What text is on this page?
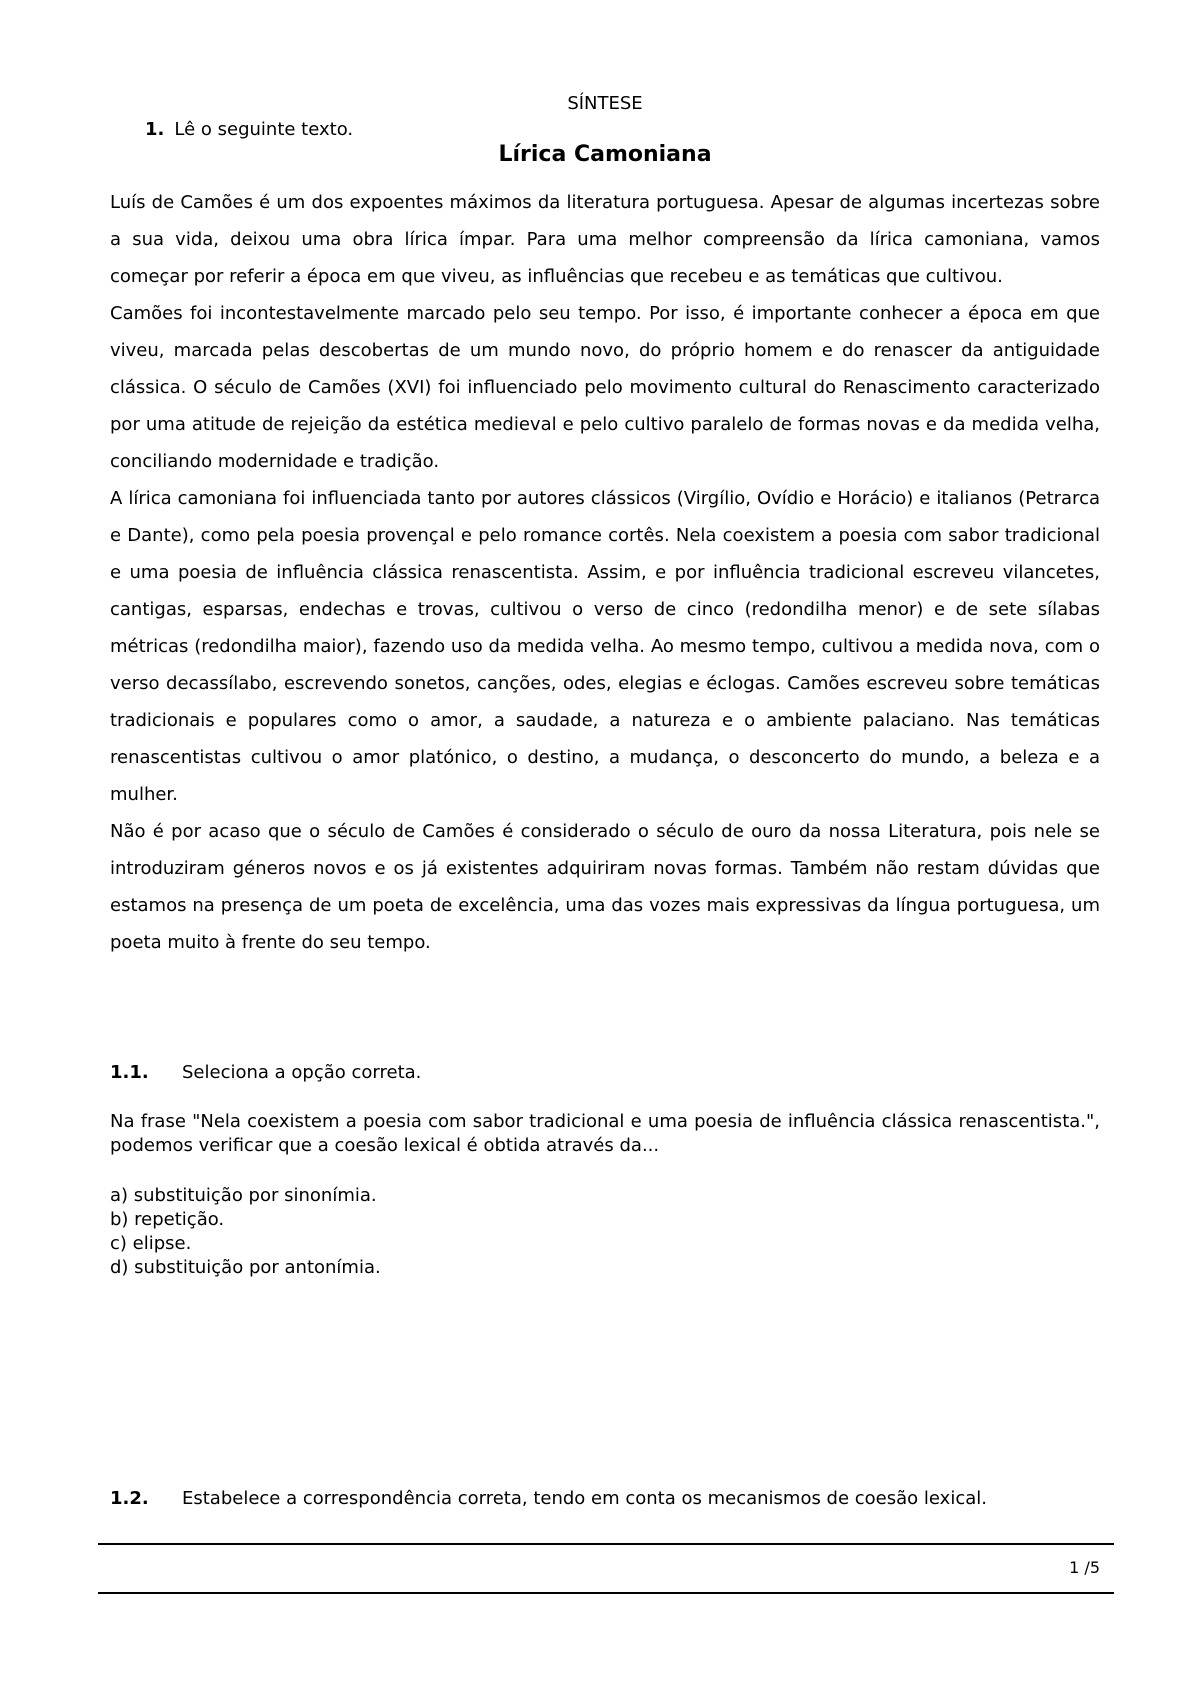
SÍNTESE
1. Lê o seguinte texto.
Lírica Camoniana

Luís de Camões é um dos expoentes máximos da literatura portuguesa. Apesar de algumas incertezas sobre a sua vida, deixou uma obra lírica ímpar. Para uma melhor compreensão da lírica camoniana, vamos começar por referir a época em que viveu, as influências que recebeu e as temáticas que cultivou.

Camões foi incontestavelmente marcado pelo seu tempo. Por isso, é importante conhecer a época em que viveu, marcada pelas descobertas de um mundo novo, do próprio homem e do renascer da antiguidade clássica. O século de Camões (XVI) foi influenciado pelo movimento cultural do Renascimento caracterizado por uma atitude de rejeição da estética medieval e pelo cultivo paralelo de formas novas e da medida velha, conciliando modernidade e tradição.

A lírica camoniana foi influenciada tanto por autores clássicos (Virgílio, Ovídio e Horácio) e italianos (Petrarca e Dante), como pela poesia provençal e pelo romance cortês. Nela coexistem a poesia com sabor tradicional e uma poesia de influência clássica renascentista. Assim, e por influência tradicional escreveu vilancetes, cantigas, esparsas, endechas e trovas, cultivou o verso de cinco (redondilha menor) e de sete sílabas métricas (redondilha maior), fazendo uso da medida velha. Ao mesmo tempo, cultivou a medida nova, com o verso decassílabo, escrevendo sonetos, canções, odes, elegias e éclogas. Camões escreveu sobre temáticas tradicionais e populares como o amor, a saudade, a natureza e o ambiente palaciano. Nas temáticas renascentistas cultivou o amor platónico, o destino, a mudança, o desconcerto do mundo, a beleza e a mulher.

Não é por acaso que o século de Camões é considerado o século de ouro da nossa Literatura, pois nele se introduziram géneros novos e os já existentes adquiriram novas formas. Também não restam dúvidas que estamos na presença de um poeta de excelência, uma das vozes mais expressivas da língua portuguesa, um poeta muito à frente do seu tempo.

1.1. Seleciona a opção correta.
Na frase "Nela coexistem a poesia com sabor tradicional e uma poesia de influência clássica renascentista.", podemos verificar que a coesão lexical é obtida através da...
a) substituição por sinonímia.
b) repetição.
c) elipse.
d) substituição por antonímia.
1.2. Estabelece a correspondência correta, tendo em conta os mecanismos de coesão lexical.
1 /5
